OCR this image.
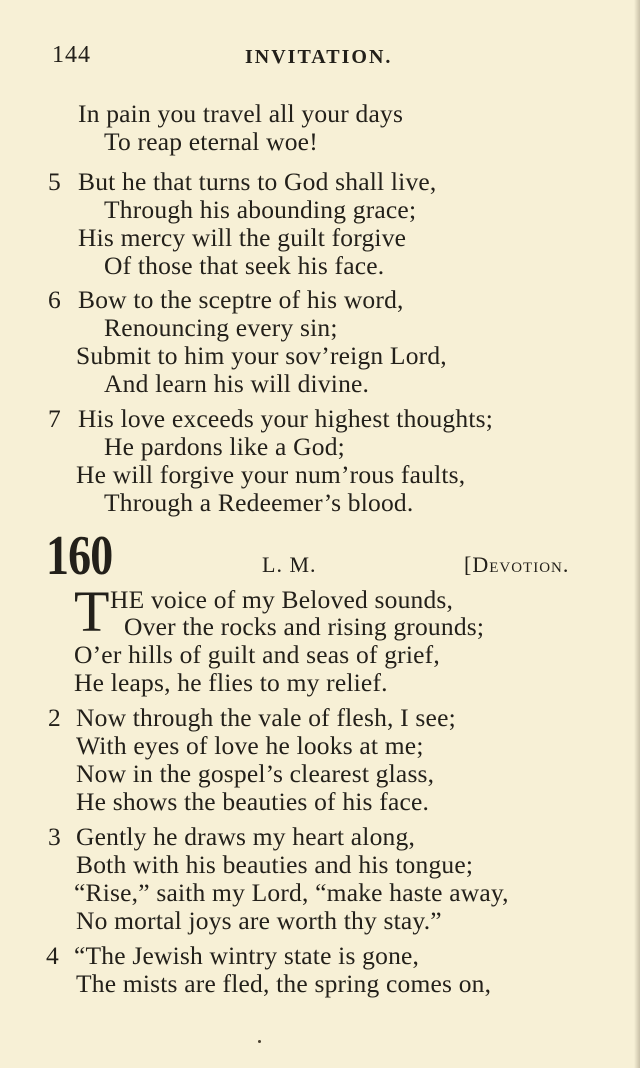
144	INVITATION.
In pain you travel all your days
To reap eternal woe!
5 But he that turns to God shall live,
Through his abounding grace;
His mercy will the guilt forgive
Of those that seek his face.
6 Bow to the sceptre of his word,
Renouncing every sin;
Submit to him your sov’reign Lord,
And learn his will divine.
7 His love exceeds your highest thoughts;
He pardons like a God;
He will forgive your num’rous faults,
Through a Redeemer’s blood.
160	L. M.	[Devotion.
T HE voice of my Beloved sounds,
Over the rocks and rising grounds;
O’er hills of guilt and seas of grief,
He leaps, he flies to my relief.
2 Now through the vale of flesh, I see;
With eyes of love he looks at me;
Now in the gospel’s clearest glass,
He shows the beauties of his face.
3 Gently he draws my heart along,
Both with his beauties and his tongue;
“Rise,” saith my Lord, “make haste away,
No mortal joys are worth thy stay.”
4 “The Jewish wintry state is gone,
The mists are fled, the spring comes on,
